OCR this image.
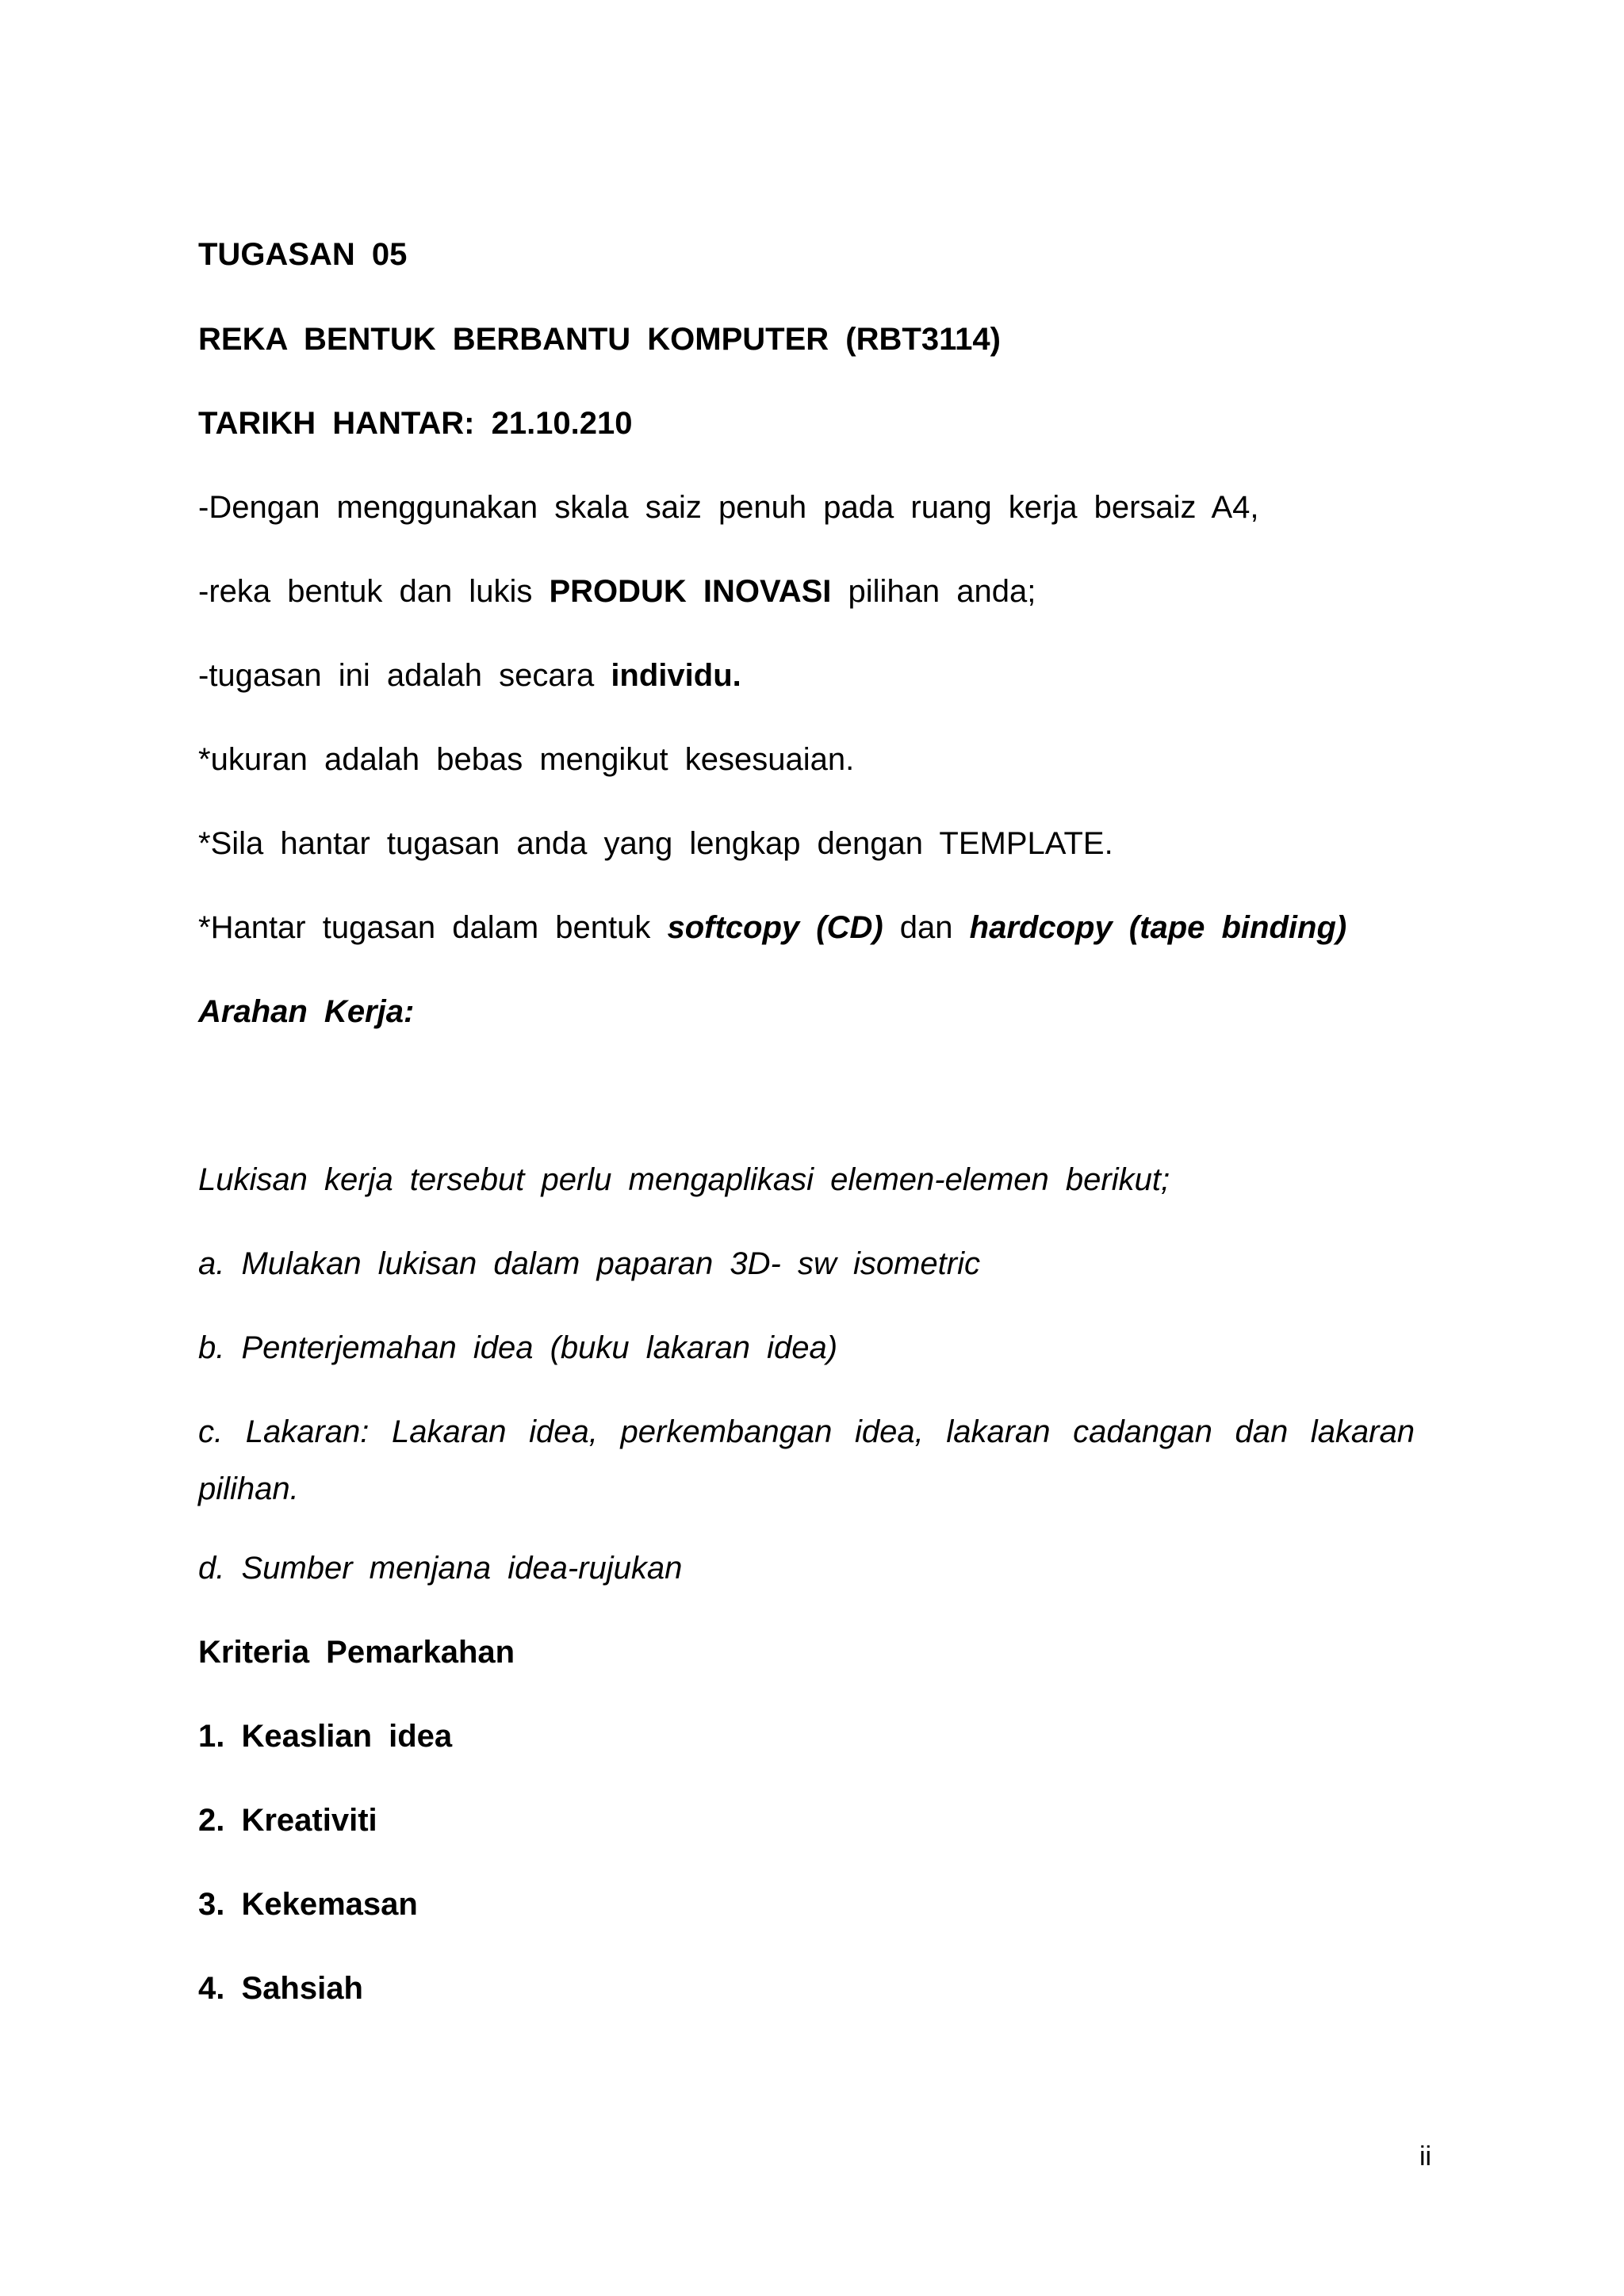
TUGASAN 05

REKA BENTUK BERBANTU KOMPUTER (RBT3114)

TARIKH HANTAR: 21.10.210

-Dengan menggunakan skala saiz penuh pada ruang kerja bersaiz A4,

-reka bentuk dan lukis PRODUK INOVASI pilihan anda;

-tugasan ini adalah secara individu.

*ukuran adalah bebas mengikut kesesuaian.

*Sila hantar tugasan anda yang lengkap dengan TEMPLATE.

*Hantar tugasan dalam bentuk softcopy (CD) dan hardcopy (tape binding)

Arahan Kerja:

Lukisan kerja tersebut perlu mengaplikasi elemen-elemen berikut;

a. Mulakan lukisan dalam paparan 3D- sw isometric

b. Penterjemahan idea (buku lakaran idea)

c. Lakaran: Lakaran idea, perkembangan idea, lakaran cadangan dan lakaran pilihan.

d. Sumber menjana idea-rujukan

Kriteria Pemarkahan

1. Keaslian idea

2. Kreativiti

3. Kekemasan

4. Sahsiah

ii
